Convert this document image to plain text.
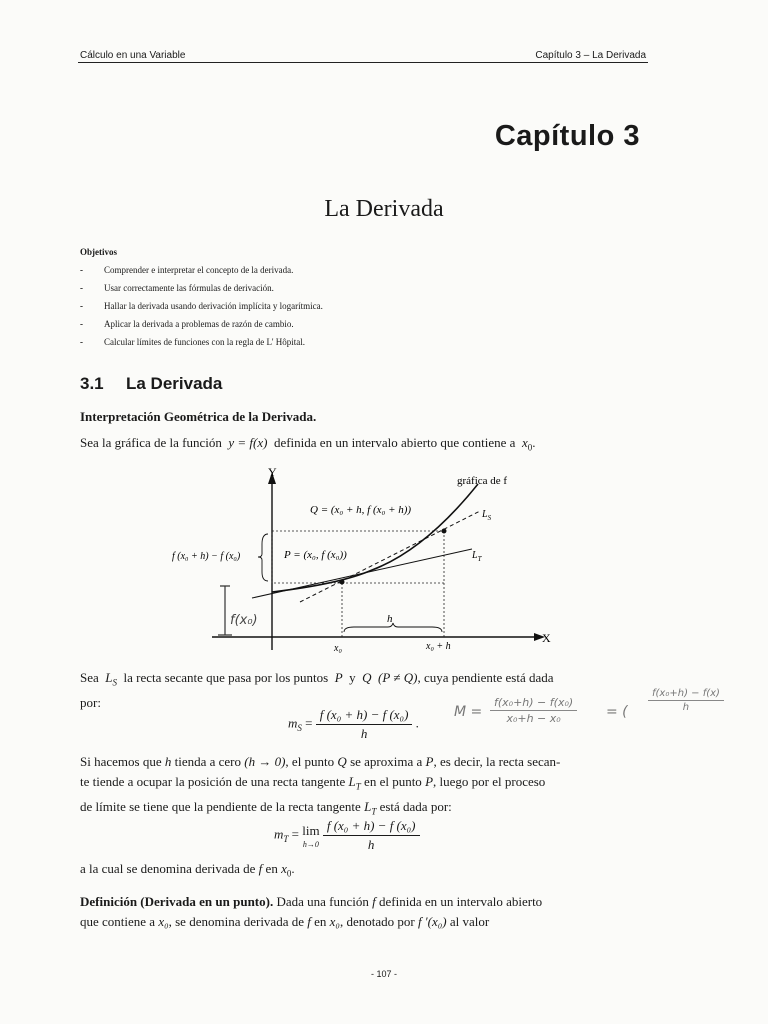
Cálculo en una Variable	Capítulo 3 – La Derivada
Capítulo 3
La Derivada
Objetivos
- Comprender e interpretar el concepto de la derivada.
- Usar correctamente las fórmulas de derivación.
- Hallar la derivada usando derivación implícita y logarítmica.
- Aplicar la derivada a problemas de razón de cambio.
- Calcular límites de funciones con la regla de L' Hôpital.
3.1 La Derivada
Interpretación Geométrica de la Derivada.
Sea la gráfica de la función y = f(x) definida en un intervalo abierto que contiene a $x_0$.
Y
X
gráfica de f
Q = (x₀ + h, f (x₀ + h))
P = (x₀, f (x₀))
$L_S$
$L_T$
f (x₀ + h) − f (x₀)
h
x₀	x₀ + h
f(x₀)
Sea $L_S$ la recta secante que pasa por los puntos P y Q (P ≠ Q), cuya pendiente está dada
por:
$m_S = \frac{\text{f (x₀ + h) − f (x₀)}}{h}$ .
$M = \frac{\text{f(x₀+h) − f(x₀)}}{\text{x₀+h − x₀}}$ = ( $\frac{\text{f(x₀+h) − f(x)}}{h}$
Si hacemos que h tienda a cero (h → 0), el punto Q se aproxima a P, es decir, la recta secan-
te tiende a ocupar la posición de una recta tangente $L_T$ en el punto P, luego por el proceso
de límite se tiene que la pendiente de la recta tangente $L_T$ está dada por:
$m_T = \lim$
h→0
$\frac{\text{f (x₀ + h) − f (x₀)}}{h}$
a la cual se denomina derivada de f en $x_0$.
Definición (Derivada en un punto). Dada una función f definida en un intervalo abierto
que contiene a x₀, se denomina derivada de f en x₀, denotado por f ′(x₀) al valor
- 107 -
